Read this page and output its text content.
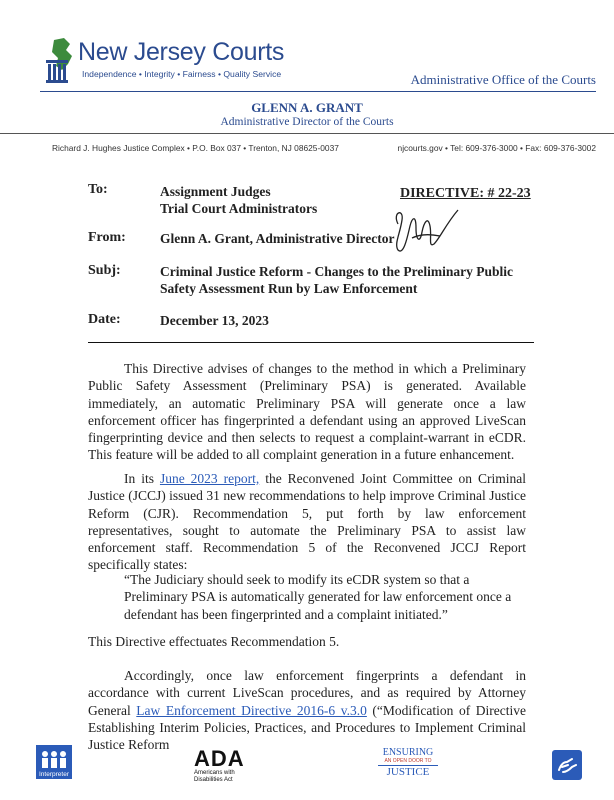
New Jersey Courts
Independence • Integrity • Fairness • Quality Service	Administrative Office of the Courts
GLENN A. GRANT
Administrative Director of the Courts
Richard J. Hughes Justice Complex • P.O. Box 037 • Trenton, NJ 08625-0037	njcourts.gov • Tel: 609-376-3000 • Fax: 609-376-3002
To:	Assignment Judges
Trial Court Administrators
DIRECTIVE: # 22-23
From:	Glenn A. Grant, Administrative Director
Subj:	Criminal Justice Reform - Changes to the Preliminary Public
Safety Assessment Run by Law Enforcement
Date:	December 13, 2023
This Directive advises of changes to the method in which a Preliminary Public Safety Assessment (Preliminary PSA) is generated. Available immediately, an automatic Preliminary PSA will generate once a law enforcement officer has fingerprinted a defendant using an approved LiveScan fingerprinting device and then selects to request a complaint-warrant in eCDR. This feature will be added to all complaint generation in a future enhancement.
In its June 2023 report, the Reconvened Joint Committee on Criminal Justice (JCCJ) issued 31 new recommendations to help improve Criminal Justice Reform (CJR). Recommendation 5, put forth by law enforcement representatives, sought to automate the Preliminary PSA to assist law enforcement staff. Recommendation 5 of the Reconvened JCCJ Report specifically states:
“The Judiciary should seek to modify its eCDR system so that a Preliminary PSA is automatically generated for law enforcement once a defendant has been fingerprinted and a complaint initiated.”
This Directive effectuates Recommendation 5.
Accordingly, once law enforcement fingerprints a defendant in accordance with current LiveScan procedures, and as required by Attorney General Law Enforcement Directive 2016-6 v.3.0 (“Modification of Directive Establishing Interim Policies, Practices, and Procedures to Implement Criminal Justice Reform
Interpreter
ADA
Americans with
Disabilities Act
ENSURING
AN OPEN DOOR TO
JUSTICE
